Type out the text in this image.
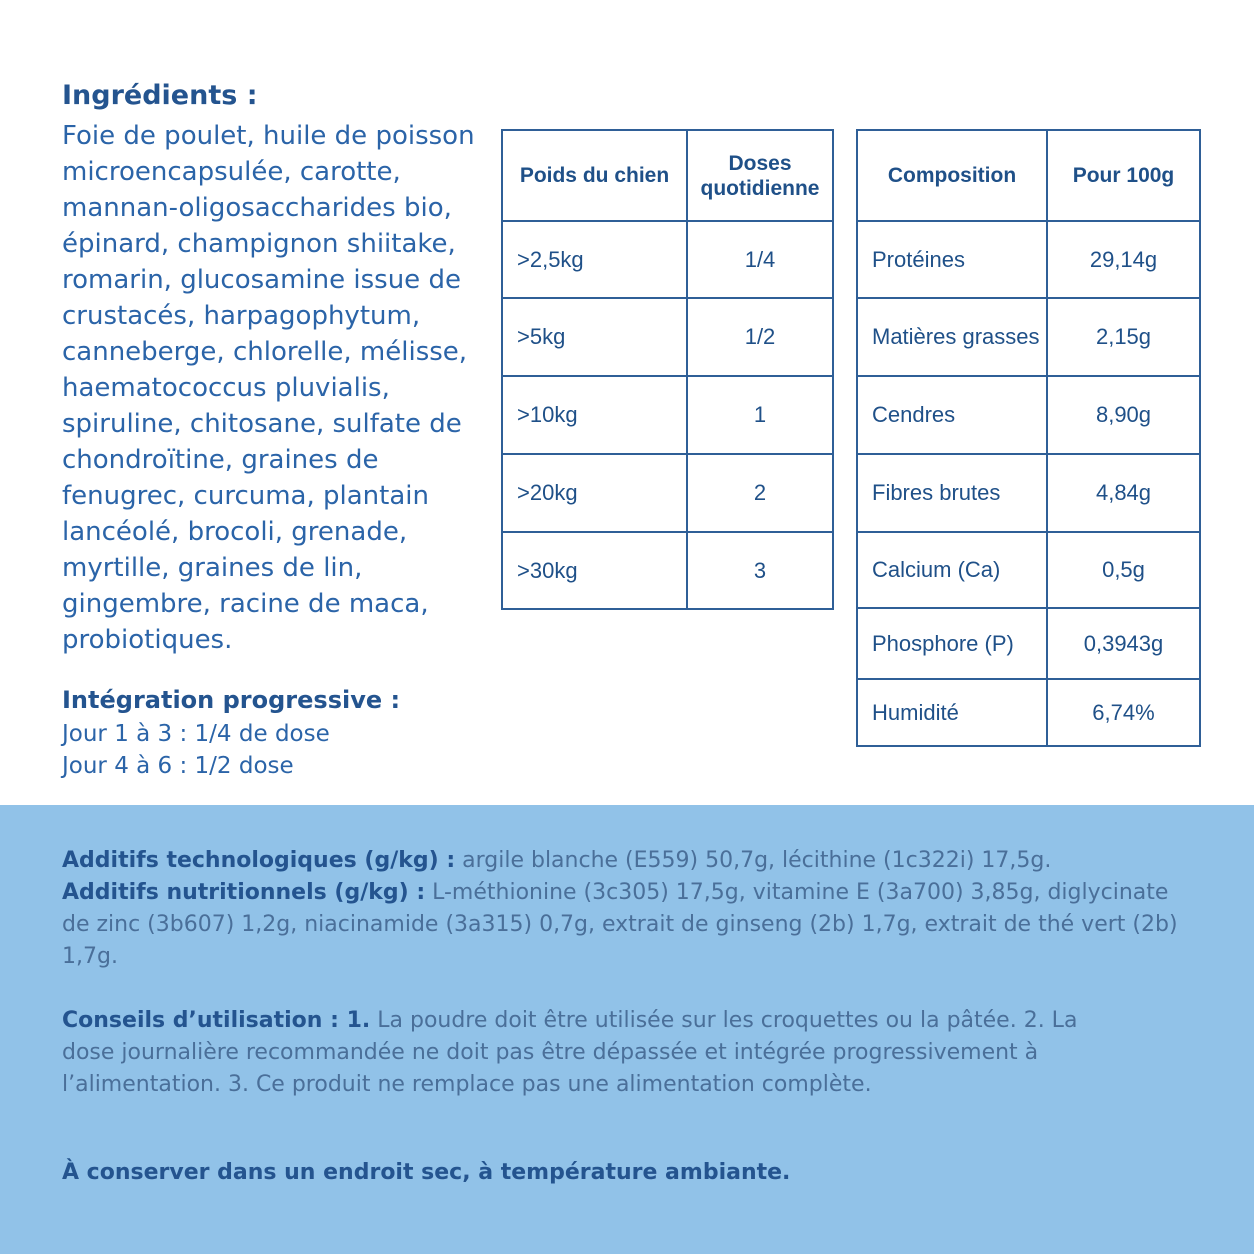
Ingrédients :
Foie de poulet, huile de poisson
microencapsulée, carotte,
mannan-oligosaccharides bio,
épinard, champignon shiitake,
romarin, glucosamine issue de
crustacés, harpagophytum,
canneberge, chlorelle, mélisse,
haematococcus pluvialis,
spiruline, chitosane, sulfate de
chondroïtine, graines de
fenugrec, curcuma, plantain
lancéolé, brocoli, grenade,
myrtille, graines de lin,
gingembre, racine de maca,
probiotiques.
Intégration progressive :

Jour 1 à 3 : 1/4 de dose

Jour 4 à 6 : 1/2 dose

Poids du chien	Doses quotidienne
>2,5kg	1/4
>5kg	1/2
>10kg	1
>20kg	2
>30kg	3
Composition	Pour 100g
Protéines	29,14g
Matières grasses	2,15g
Cendres	8,90g
Fibres brutes	4,84g
Calcium (Ca)	0,5g
Phosphore (P)	0,3943g
Humidité	6,74%
Additifs technologiques (g/kg) : argile blanche (E559) 50,7g, lécithine (1c322i) 17,5g.
Additifs nutritionnels (g/kg) : L-méthionine (3c305) 17,5g, vitamine E (3a700) 3,85g, diglycinate de zinc (3b607) 1,2g, niacinamide (3a315) 0,7g, extrait de ginseng (2b) 1,7g, extrait de thé vert (2b) 1,7g.
Conseils d’utilisation : 1. La poudre doit être utilisée sur les croquettes ou la pâtée. 2. La dose journalière recommandée ne doit pas être dépassée et intégrée progressivement à l’alimentation. 3. Ce produit ne remplace pas une alimentation complète.
À conserver dans un endroit sec, à température ambiante.
